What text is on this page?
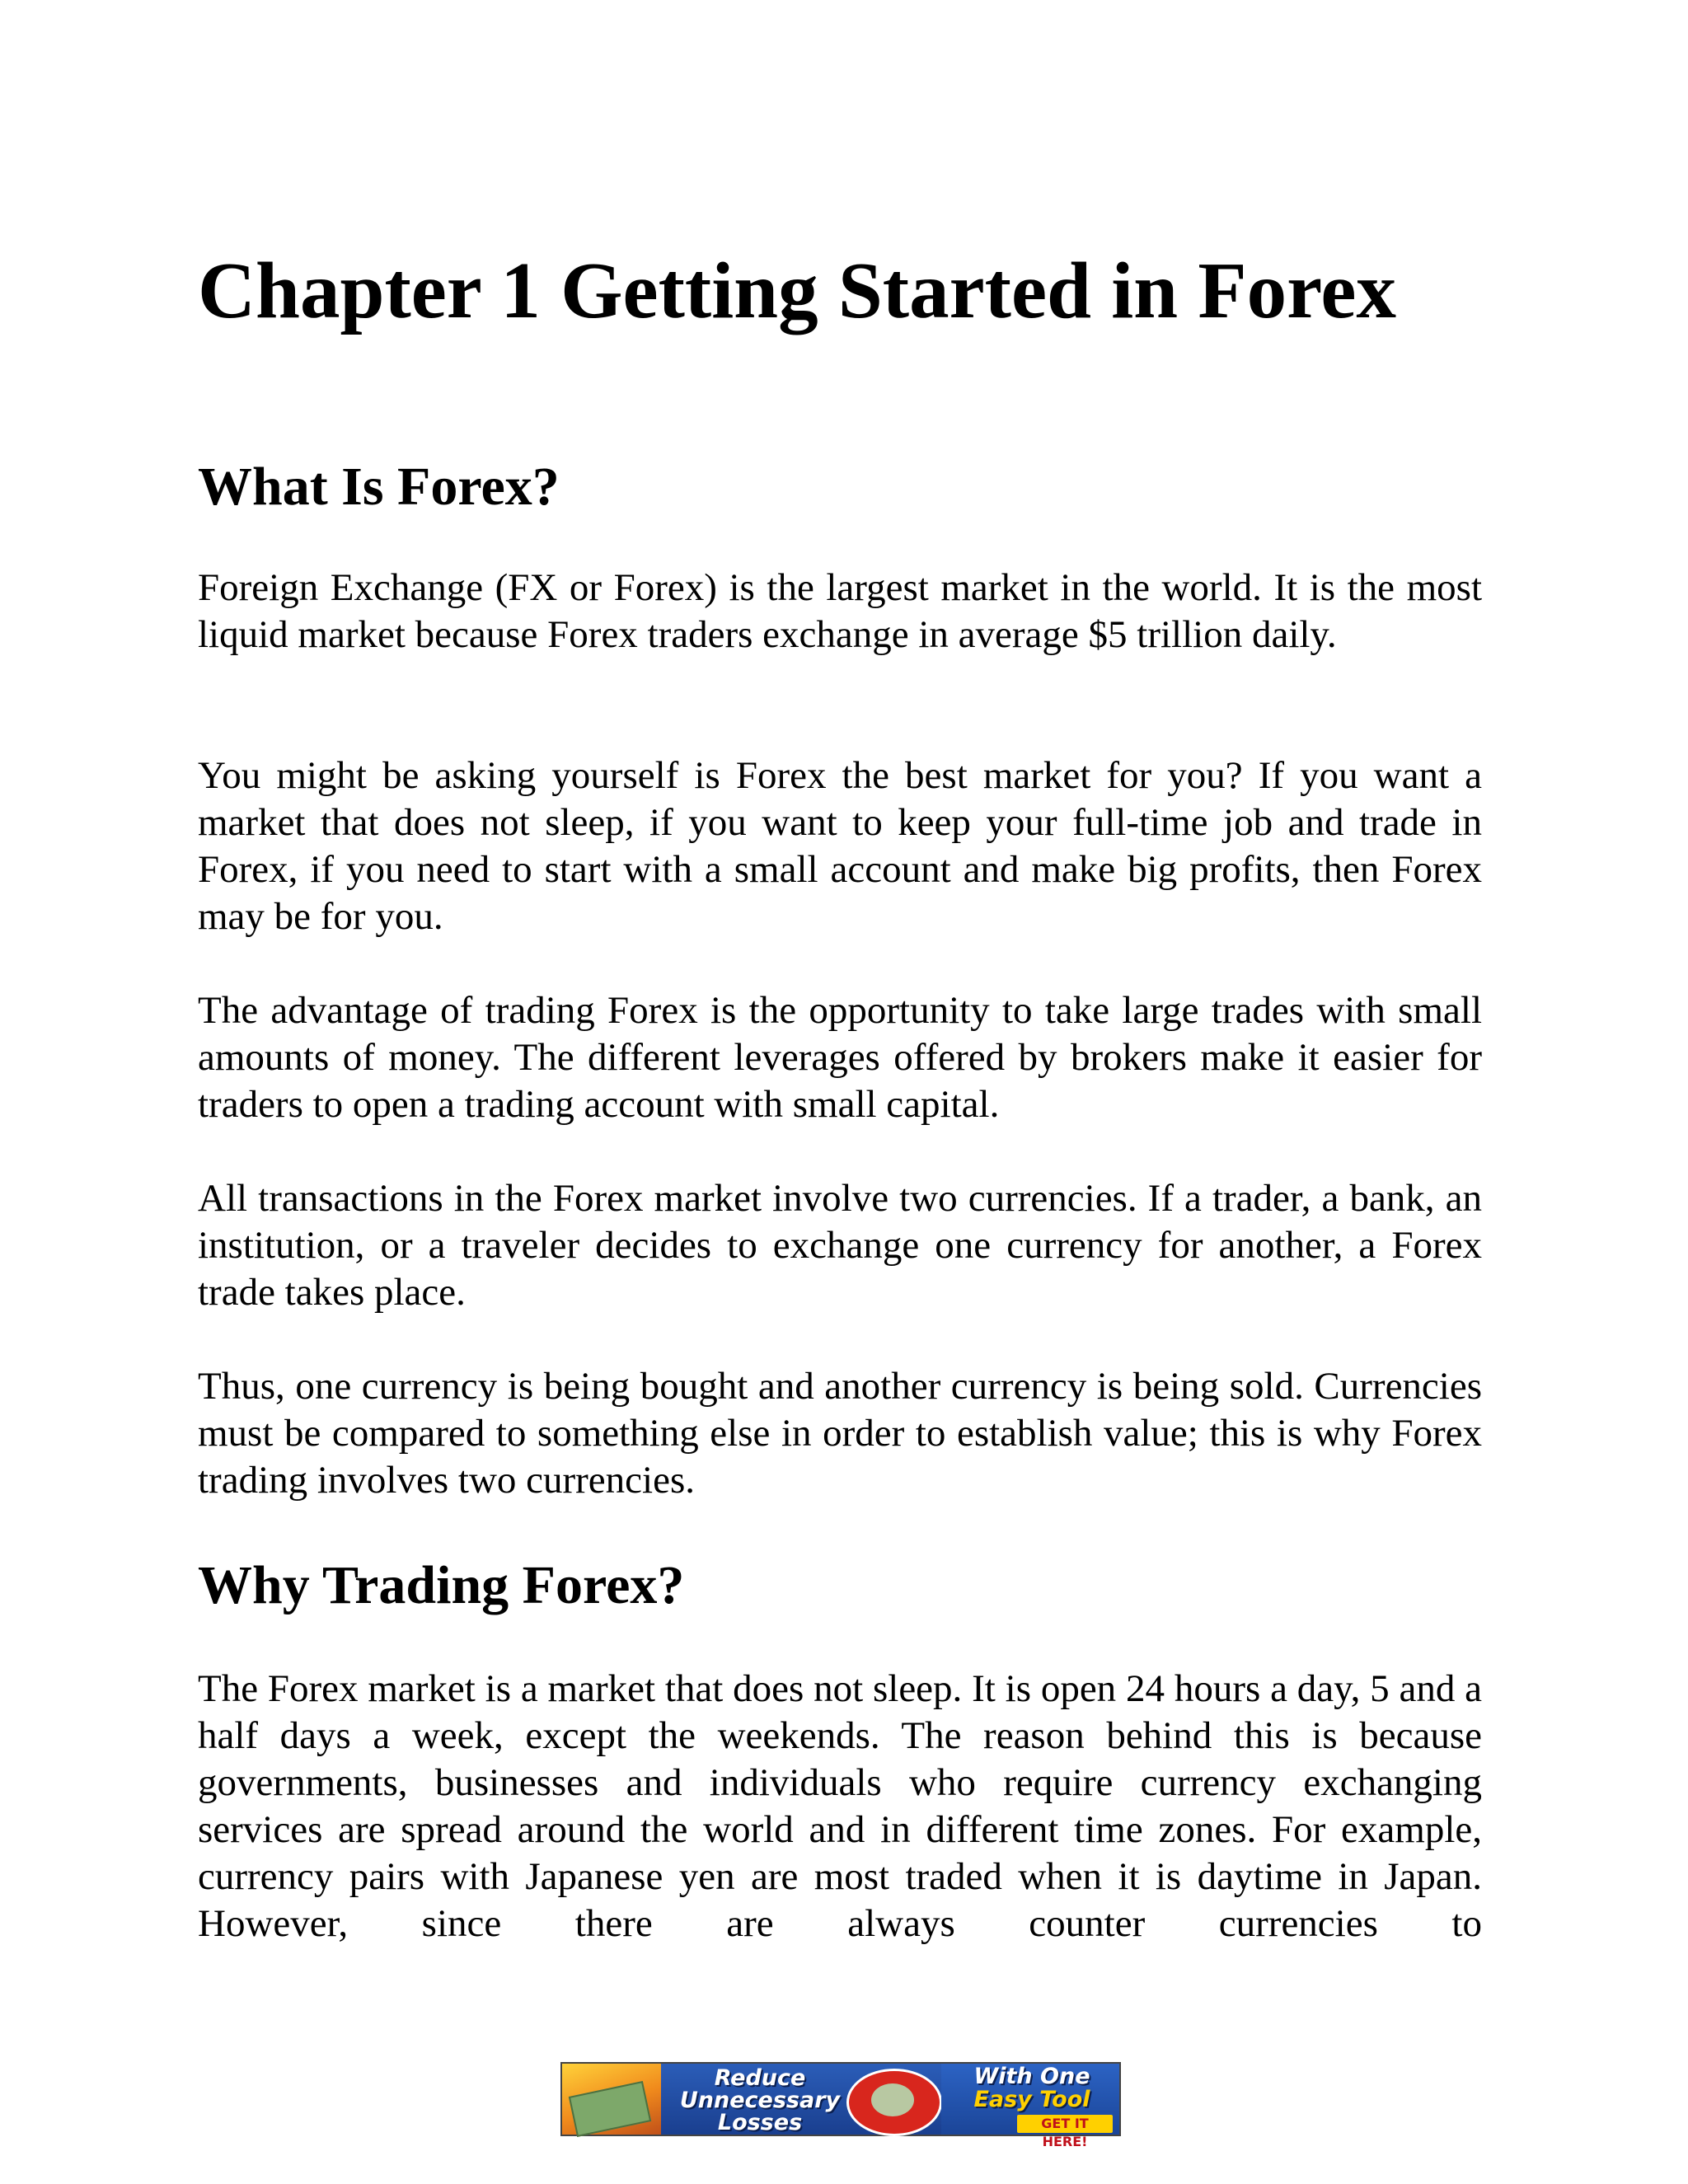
Chapter 1 Getting Started in Forex
What Is Forex?

Foreign Exchange (FX or Forex) is the largest market in the world. It is the most liquid market because Forex traders exchange in average $5 trillion daily.

You might be asking yourself is Forex the best market for you? If you want a market that does not sleep, if you want to keep your full-time job and trade in Forex, if you need to start with a small account and make big profits, then Forex may be for you.

The advantage of trading Forex is the opportunity to take large trades with small amounts of money. The different leverages offered by brokers make it easier for traders to open a trading account with small capital.

All transactions in the Forex market involve two currencies. If a trader, a bank, an institution, or a traveler decides to exchange one currency for another, a Forex trade takes place.

Thus, one currency is being bought and another currency is being sold. Currencies must be compared to something else in order to establish value; this is why Forex trading involves two currencies.

Why Trading Forex?

The Forex market is a market that does not sleep. It is open 24 hours a day, 5 and a half days a week, except the weekends. The reason behind this is because governments, businesses and individuals who require currency exchanging services are spread around the world and in different time zones. For example, currency pairs with Japanese yen are most traded when it is daytime in Japan. However, since there are always counter currencies to

Reduce
Unnecessary
Losses
With One
Easy Tool
GET IT HERE!
